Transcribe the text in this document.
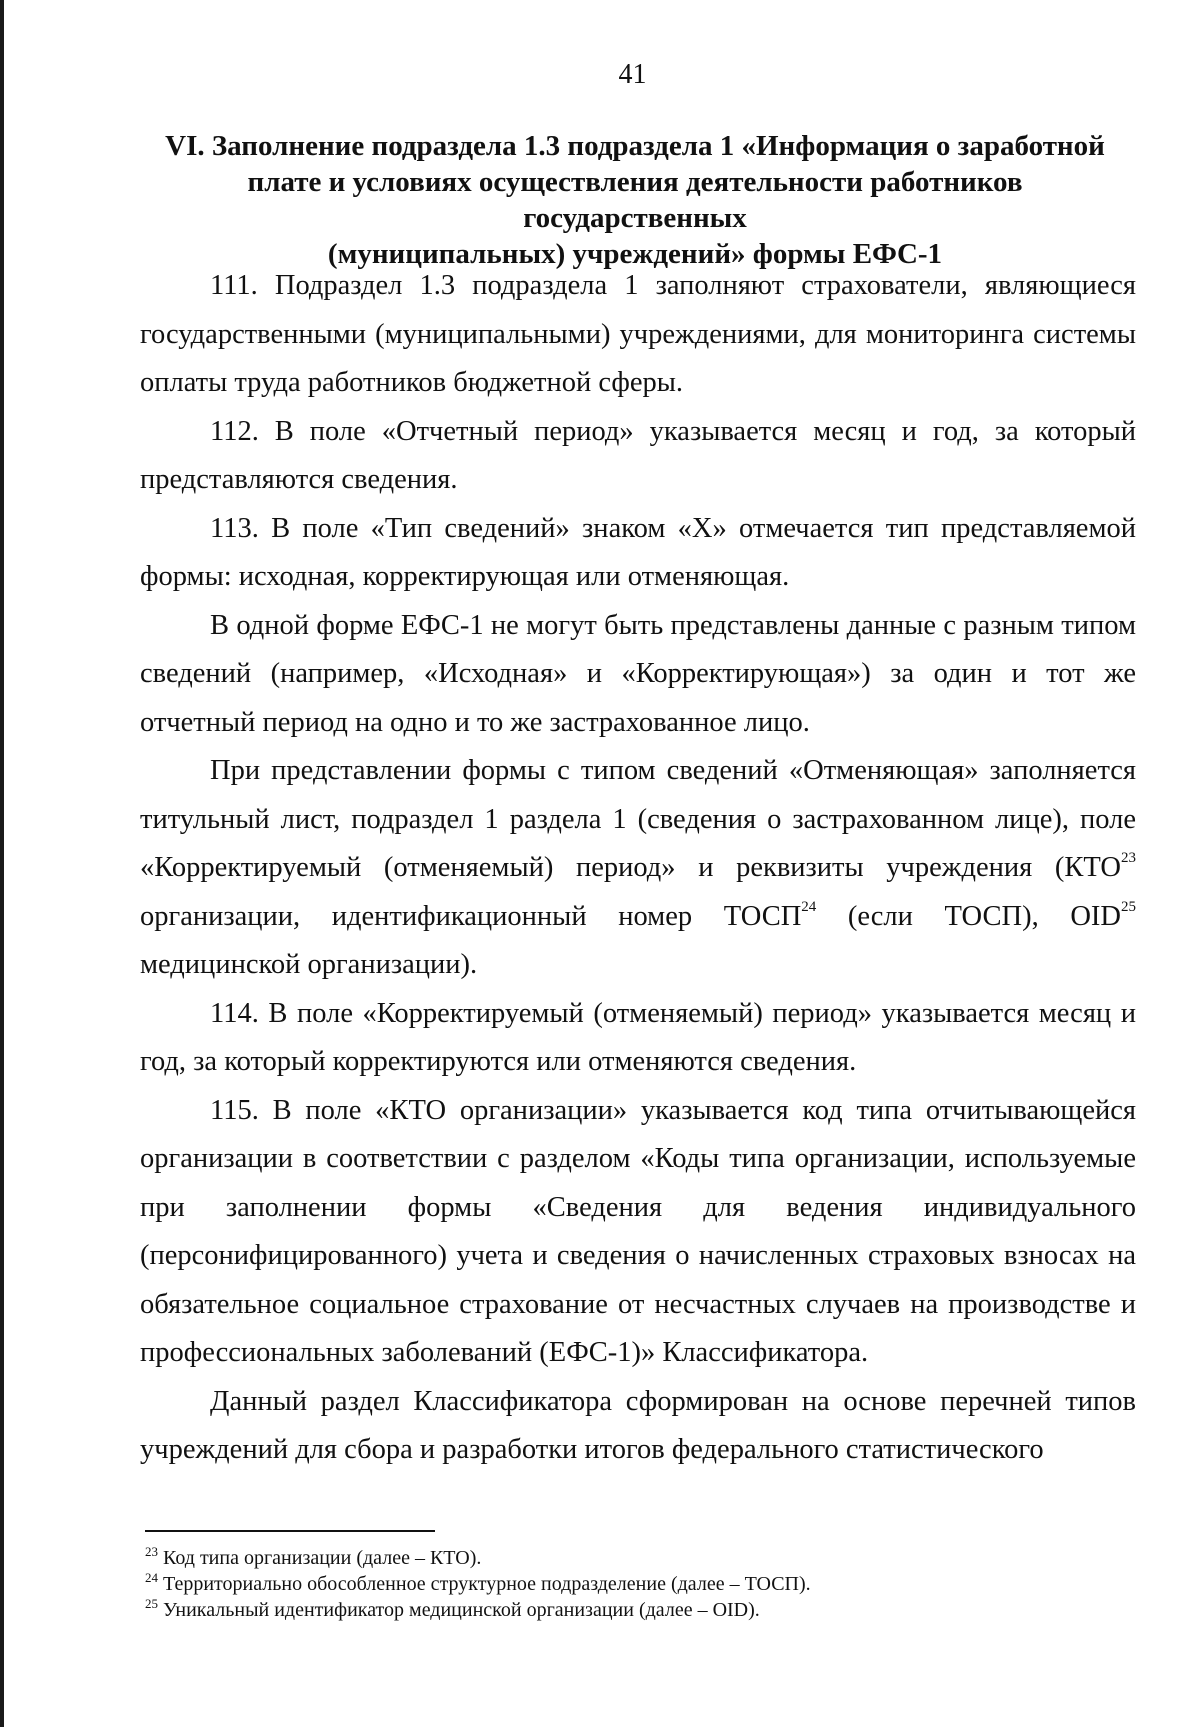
41
VI. Заполнение подраздела 1.3 подраздела 1 «Информация о заработной
плате и условиях осуществления деятельности работников государственных
(муниципальных) учреждений» формы ЕФС-1

111. Подраздел 1.3 подраздела 1 заполняют страхователи, являющиеся государственными (муниципальными) учреждениями, для мониторинга системы оплаты труда работников бюджетной сферы.

112. В поле «Отчетный период» указывается месяц и год, за который представляются сведения.

113. В поле «Тип сведений» знаком «Х» отмечается тип представляемой формы: исходная, корректирующая или отменяющая.

В одной форме ЕФС-1 не могут быть представлены данные с разным типом сведений (например, «Исходная» и «Корректирующая») за один и тот же отчетный период на одно и то же застрахованное лицо.

При представлении формы с типом сведений «Отменяющая» заполняется титульный лист, подраздел 1 раздела 1 (сведения о застрахованном лице), поле «Корректируемый (отменяемый) период» и реквизиты учреждения (КТО$^{23}$ организации, идентификационный номер ТОСП$^{24}$ (если ТОСП), OID$^{25}$ медицинской организации).

114. В поле «Корректируемый (отменяемый) период» указывается месяц и год, за который корректируются или отменяются сведения.

115. В поле «КТО организации» указывается код типа отчитывающейся организации в соответствии с разделом «Коды типа организации, используемые при заполнении формы «Сведения для ведения индивидуального (персонифицированного) учета и сведения о начисленных страховых взносах на обязательное социальное страхование от несчастных случаев на производстве и профессиональных заболеваний (ЕФС-1)» Классификатора.

Данный раздел Классификатора сформирован на основе перечней типов учреждений для сбора и разработки итогов федерального статистического

$^{23}$ Код типа организации (далее – КТО).

$^{24}$ Территориально обособленное структурное подразделение (далее – ТОСП).

$^{25}$ Уникальный идентификатор медицинской организации (далее – OID).
